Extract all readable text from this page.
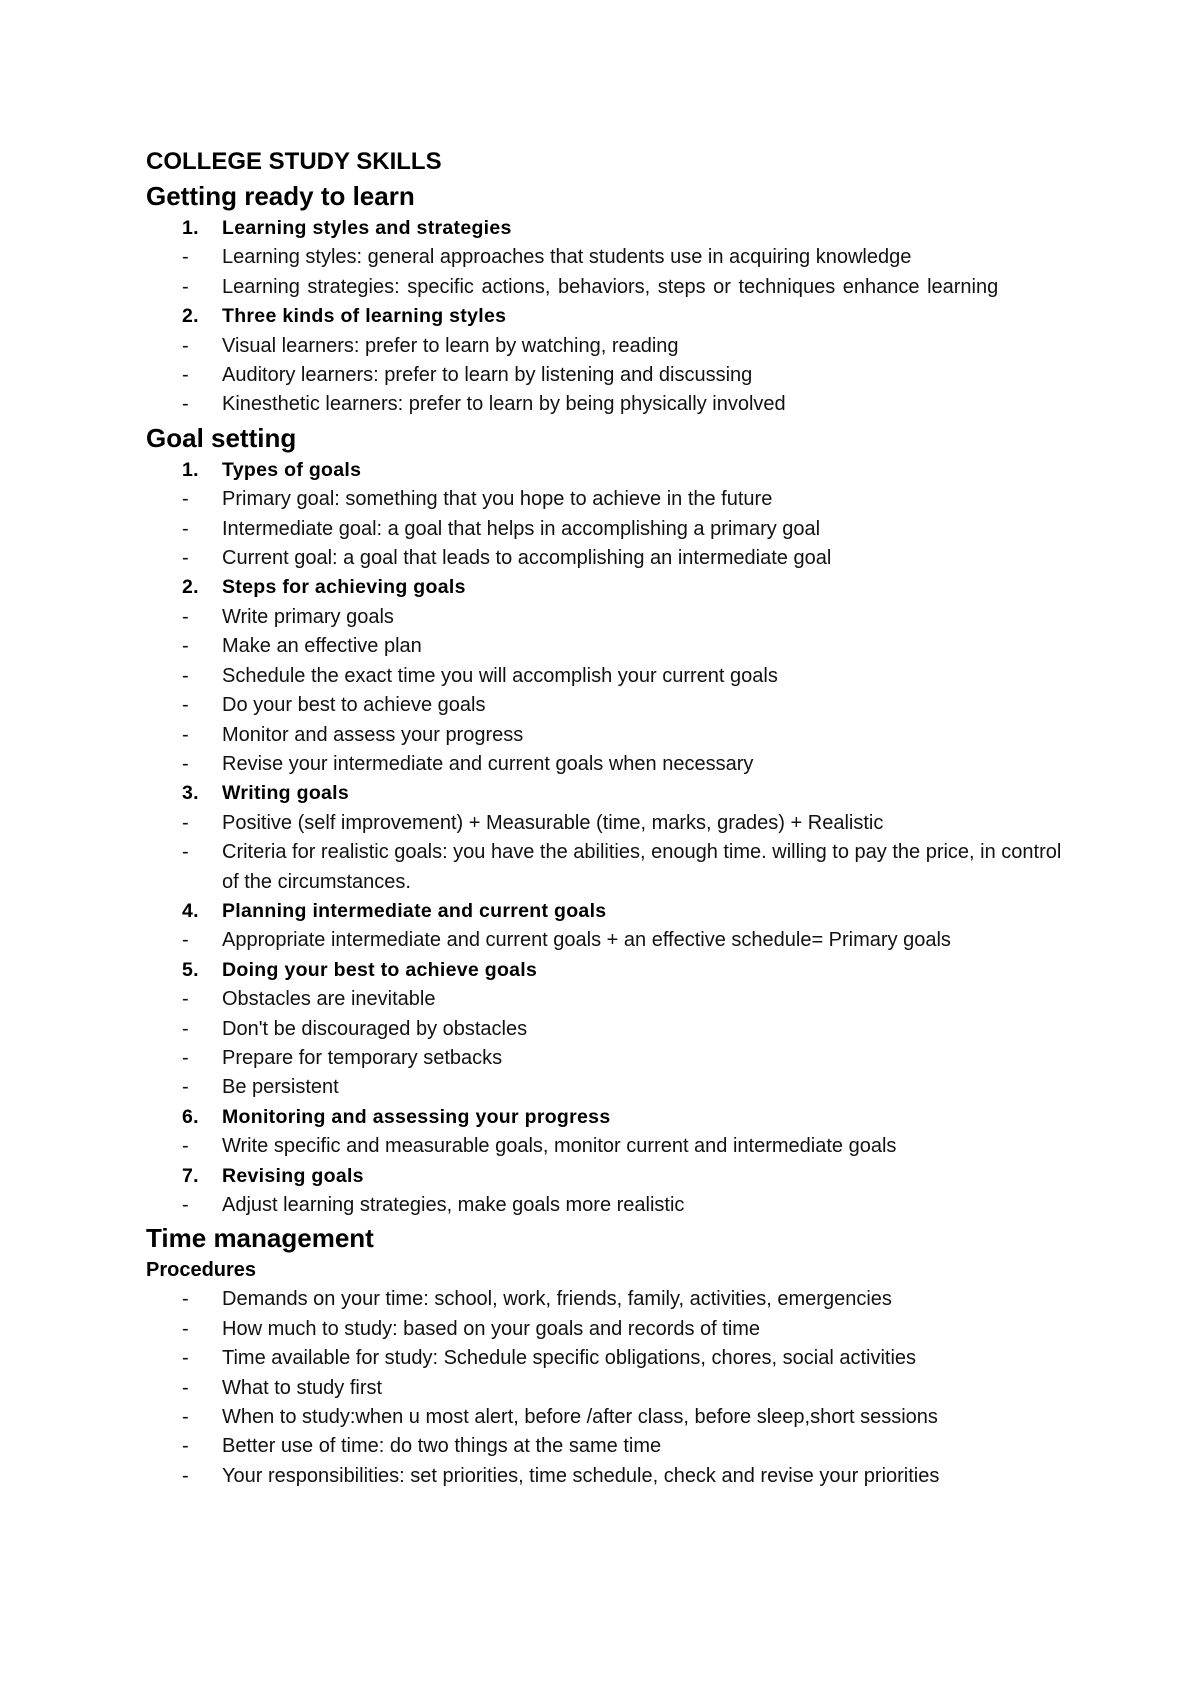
COLLEGE STUDY SKILLS
Getting ready to learn
1.	Learning styles and strategies
-	Learning styles: general approaches that students use in acquiring knowledge
-	Learning strategies: specific actions, behaviors, steps or techniques enhance learning
2.	Three kinds of learning styles
-	Visual learners: prefer to learn by watching, reading
-	Auditory learners: prefer to learn by listening and discussing
-	Kinesthetic learners: prefer to learn by being physically involved
Goal setting
1.	Types of goals
-	Primary goal: something that you hope to achieve in the future
-	Intermediate goal: a goal that helps in accomplishing a primary goal
-	Current goal: a goal that leads to accomplishing an intermediate goal
2.	Steps for achieving goals
-	Write primary goals
-	Make an effective plan
-	Schedule the exact time you will accomplish your current goals
-	Do your best to achieve goals
-	Monitor and assess your progress
-	Revise your intermediate and current goals when necessary
3.	Writing goals
-	Positive (self improvement) + Measurable (time, marks, grades) + Realistic
-	Criteria for realistic goals: you have the abilities, enough time. willing to pay the price, in control of the circumstances.
4.	Planning intermediate and current goals
-	Appropriate intermediate and current goals + an effective schedule= Primary goals
5.	Doing your best to achieve goals
-	Obstacles are inevitable
-	Don't be discouraged by obstacles
-	Prepare for temporary setbacks
-	Be persistent
6.	Monitoring and assessing your progress
-	Write specific and measurable goals, monitor current and intermediate goals
7.	Revising goals
-	Adjust learning strategies, make goals more realistic
Time management
Procedures
-	Demands on your time: school, work, friends, family, activities, emergencies
-	How much to study: based on your goals and records of time
-	Time available for study: Schedule specific obligations, chores, social activities
-	What to study first
-	When to study:when u most alert, before /after class, before sleep,short sessions
-	Better use of time: do two things at the same time
-	Your responsibilities: set priorities, time schedule, check and revise your priorities
